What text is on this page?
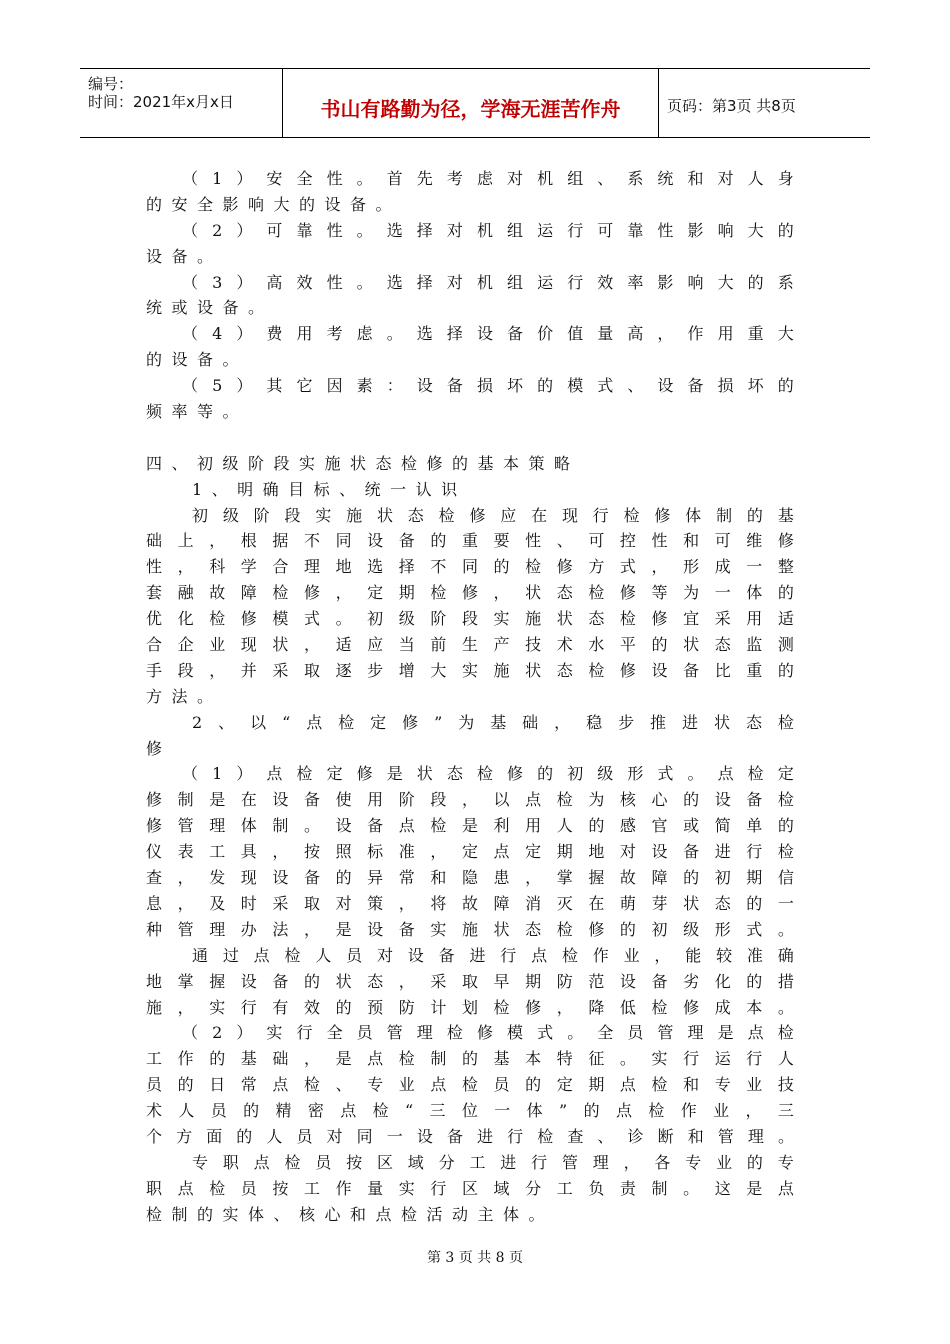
编号：
时间：2021年x月x日	书山有路勤为径，学海无涯苦作舟	页码：第3页 共8页
（ 1 ） 安 全 性 。 首 先 考 虑 对 机 组 、 系 统 和 对 人 身
的安全影响大的设备。
（ 2 ） 可 靠 性 。 选 择 对 机 组 运 行 可 靠 性 影 响 大 的
设备。
（ 3 ） 高 效 性 。 选 择 对 机 组 运 行 效 率 影 响 大 的 系
统或设备。
（ 4 ） 费 用 考 虑 。 选 择 设 备 价 值 量 高 ， 作 用 重 大
的设备。
（ 5 ） 其 它 因 素 ： 设 备 损 坏 的 模 式 、 设 备 损 坏 的
频率等。
四、初级阶段实施状态检修的基本策略
1、明确目标、统一认识
初 级 阶 段 实 施 状 态 检 修 应 在 现 行 检 修 体 制 的 基
础 上 ， 根 据 不 同 设 备 的 重 要 性 、 可 控 性 和 可 维 修
性 ， 科 学 合 理 地 选 择 不 同 的 检 修 方 式 ， 形 成 一 整
套 融 故 障 检 修 ， 定 期 检 修 ， 状 态 检 修 等 为 一 体 的
优 化 检 修 模 式 。 初 级 阶 段 实 施 状 态 检 修 宜 采 用 适
合 企 业 现 状 ， 适 应 当 前 生 产 技 术 水 平 的 状 态 监 测
手 段 ， 并 采 取 逐 步 增 大 实 施 状 态 检 修 设 备 比 重 的
方法。
2 、 以 “ 点 检 定 修 ” 为 基 础 ， 稳 步 推 进 状 态 检
修
（ 1 ） 点 检 定 修 是 状 态 检 修 的 初 级 形 式 。 点 检 定
修 制 是 在 设 备 使 用 阶 段 ， 以 点 检 为 核 心 的 设 备 检
修 管 理 体 制 。 设 备 点 检 是 利 用 人 的 感 官 或 简 单 的
仪 表 工 具 ， 按 照 标 准 ， 定 点 定 期 地 对 设 备 进 行 检
查 ， 发 现 设 备 的 异 常 和 隐 患 ， 掌 握 故 障 的 初 期 信
息 ， 及 时 采 取 对 策 ， 将 故 障 消 灭 在 萌 芽 状 态 的 一
种 管 理 办 法 ， 是 设 备 实 施 状 态 检 修 的 初 级 形 式 。
通 过 点 检 人 员 对 设 备 进 行 点 检 作 业 ， 能 较 准 确
地 掌 握 设 备 的 状 态 ， 采 取 早 期 防 范 设 备 劣 化 的 措
施 ， 实 行 有 效 的 预 防 计 划 检 修 ， 降 低 检 修 成 本 。
（ 2 ） 实 行 全 员 管 理 检 修 模 式 。 全 员 管 理 是 点 检
工 作 的 基 础 ， 是 点 检 制 的 基 本 特 征 。 实 行 运 行 人
员 的 日 常 点 检 、 专 业 点 检 员 的 定 期 点 检 和 专 业 技
术 人 员 的 精 密 点 检 “ 三 位 一 体 ” 的 点 检 作 业 ， 三
个 方 面 的 人 员 对 同 一 设 备 进 行 检 查 、 诊 断 和 管 理 。
专 职 点 检 员 按 区 域 分 工 进 行 管 理 ， 各 专 业 的 专
职 点 检 员 按 工 作 量 实 行 区 域 分 工 负 责 制 。 这 是 点
检制的实体、核心和点检活动主体。
第 3 页 共 8 页
